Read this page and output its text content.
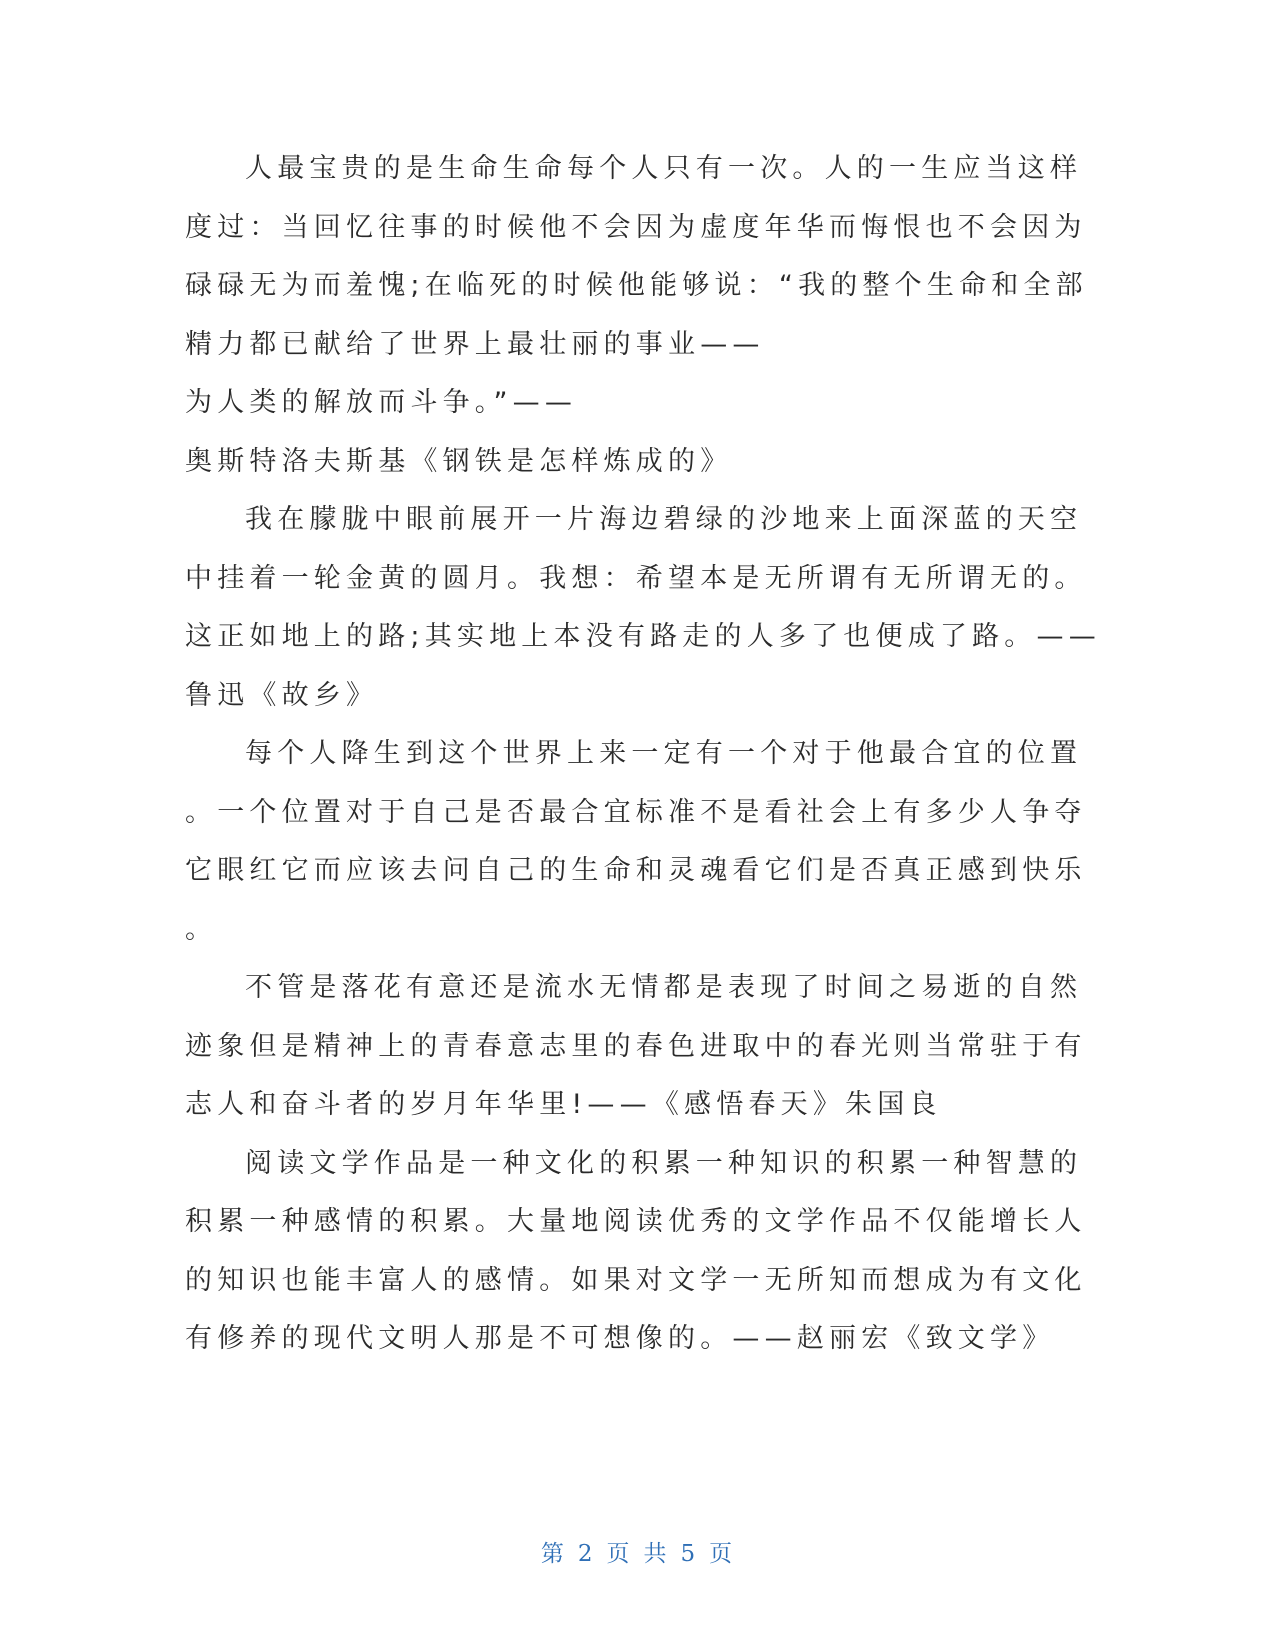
人最宝贵的是生命生命每个人只有一次。人的一生应当这样
度过：当回忆往事的时候他不会因为虚度年华而悔恨也不会因为
碌碌无为而羞愧;在临死的时候他能够说：“我的整个生命和全部
精力都已献给了世界上最壮丽的事业——
为人类的解放而斗争。”——
奥斯特洛夫斯基《钢铁是怎样炼成的》
我在朦胧中眼前展开一片海边碧绿的沙地来上面深蓝的天空
中挂着一轮金黄的圆月。我想：希望本是无所谓有无所谓无的。
这正如地上的路;其实地上本没有路走的人多了也便成了路。——
鲁迅《故乡》
每个人降生到这个世界上来一定有一个对于他最合宜的位置
。一个位置对于自己是否最合宜标准不是看社会上有多少人争夺
它眼红它而应该去问自己的生命和灵魂看它们是否真正感到快乐
。
不管是落花有意还是流水无情都是表现了时间之易逝的自然
迹象但是精神上的青春意志里的春色进取中的春光则当常驻于有
志人和奋斗者的岁月年华里!——《感悟春天》朱国良
阅读文学作品是一种文化的积累一种知识的积累一种智慧的
积累一种感情的积累。大量地阅读优秀的文学作品不仅能增长人
的知识也能丰富人的感情。如果对文学一无所知而想成为有文化
有修养的现代文明人那是不可想像的。——赵丽宏《致文学》
第 2 页 共 5 页
